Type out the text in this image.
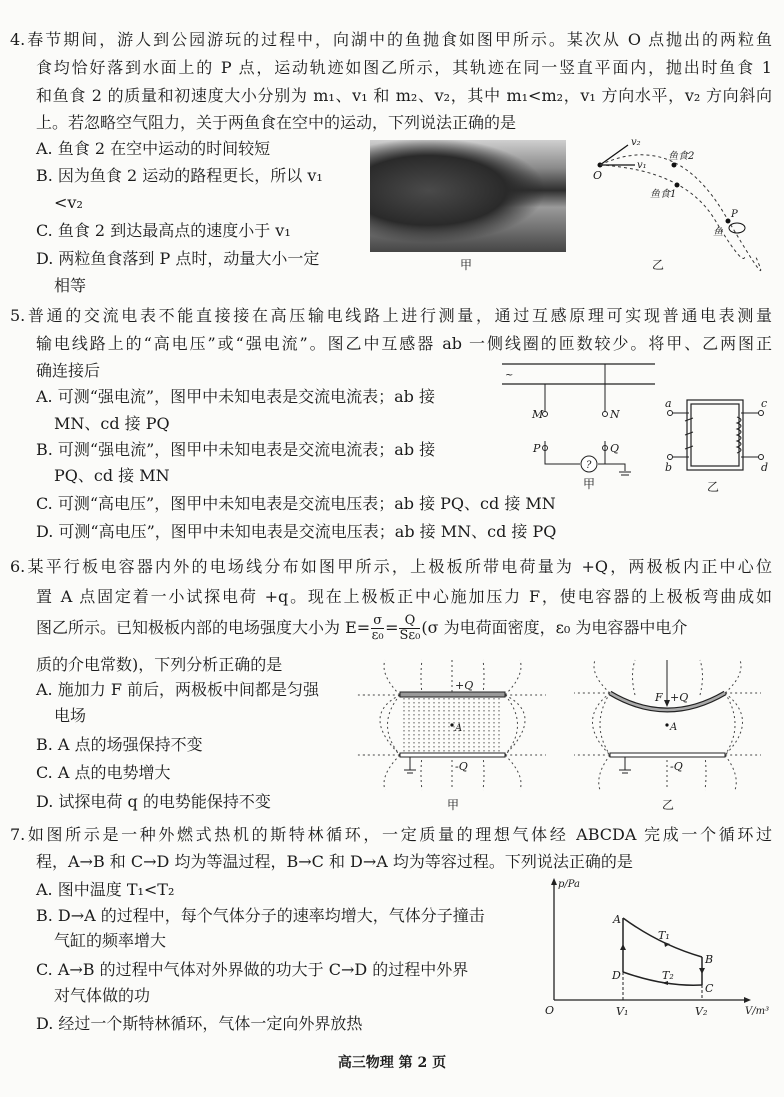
4.春节期间，游人到公园游玩的过程中，向湖中的鱼抛食如图甲所示。某次从 O 点抛出的两粒鱼
食均恰好落到水面上的 P 点，运动轨迹如图乙所示，其轨迹在同一竖直平面内，抛出时鱼食 1
和鱼食 2 的质量和初速度大小分别为 m₁、v₁ 和 m₂、v₂，其中 m₁<m₂，v₁ 方向水平，v₂ 方向斜向
上。若忽略空气阻力，关于两鱼食在空中的运动，下列说法正确的是
A. 鱼食 2 在空中运动的时间较短
B. 因为鱼食 2 运动的路程更长，所以 v₁
<v₂
C. 鱼食 2 到达最高点的速度小于 v₁
D. 两粒鱼食落到 P 点时，动量大小一定
相等
甲
O
v₂
v₁
鱼食2
鱼食1
P
鱼
乙
5.普通的交流电表不能直接接在高压输电线路上进行测量，通过互感原理可实现普通电表测量
输电线路上的“高电压”或“强电流”。图乙中互感器 ab 一侧线圈的匝数较少。将甲、乙两图正
确连接后
A. 可测“强电流”，图甲中未知电表是交流电流表；ab 接
MN、cd 接 PQ
B. 可测“强电流”，图甲中未知电表是交流电流表；ab 接
PQ、cd 接 MN
C. 可测“高电压”，图甲中未知电表是交流电压表；ab 接 PQ、cd 接 MN
D. 可测“高电压”，图甲中未知电表是交流电压表；ab 接 MN、cd 接 PQ
?
~
M	N
P	Q
甲
a
b
c
d
乙
6.某平行板电容器内外的电场线分布如图甲所示，上极板所带电荷量为 +Q，两极板内正中心位
置 A 点固定着一小试探电荷 +q。现在上极板正中心施加压力 F，使电容器的上极板弯曲成如
图乙所示。已知极板内部的电场强度大小为 $E= \frac{\sigma}{\text{ε₀}} = \frac{Q}{\text{Sε₀}} (\sigma$ 为电荷面密度，ε₀ 为电容器中电介
质的介电常数)，下列分析正确的是
A. 施加力 F 前后，两极板中间都是匀强
电场
B. A 点的场强保持不变
C. A 点的电势增大
D. 试探电荷 q 的电势能保持不变
+Q
-Q
A
甲
F +Q
-Q
A
乙
7.如图所示是一种外燃式热机的斯特林循环，一定质量的理想气体经 ABCDA 完成一个循环过
程，A→B 和 C→D 均为等温过程，B→C 和 D→A 均为等容过程。下列说法正确的是
A. 图中温度 T₁<T₂
B. D→A 的过程中，每个气体分子的速率均增大，气体分子撞击
气缸的频率增大
C. A→B 的过程中气体对外界做的功大于 C→D 的过程中外界
对气体做的功
D. 经过一个斯特林循环，气体一定向外界放热
p/Pa
V/m³
O	V₁	V₂
A
B
C
D
T₁
T₂
高三物理 第 2 页
